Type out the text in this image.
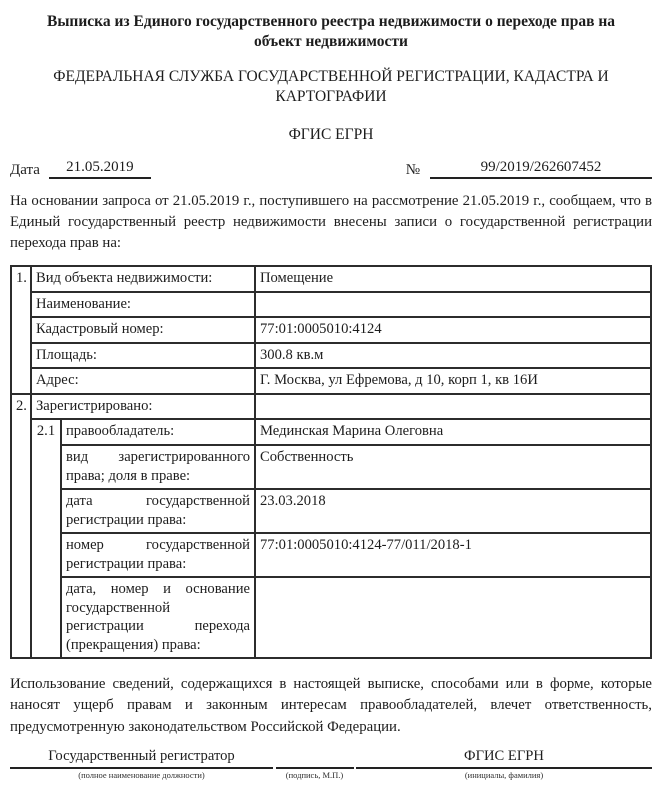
Выписка из Единого государственного реестра недвижимости о переходе прав на объект недвижимости
ФЕДЕРАЛЬНАЯ СЛУЖБА ГОСУДАРСТВЕННОЙ РЕГИСТРАЦИИ, КАДАСТРА И КАРТОГРАФИИ
ФГИС ЕГРН
Дата	21.05.2019	№	99/2019/262607452
На основании запроса от 21.05.2019 г., поступившего на рассмотрение 21.05.2019 г., сообщаем, что в Единый государственный реестр недвижимости внесены записи о государственной регистрации перехода прав на:
1.	Вид объекта недвижимости:		Помещение
	Наименование:		
	Кадастровый номер:		77:01:0005010:4124
	Площадь:		300.8 кв.м
	Адрес:		Г. Москва, ул Ефремова, д 10, корп 1, кв 16И
2.	Зарегистрировано:		
	2.1	правообладатель:	Мединская Марина Олеговна
		вид зарегистрированного права; доля в праве:	Собственность
		дата государственной регистрации права:	23.03.2018
		номер государственной регистрации права:	77:01:0005010:4124-77/011/2018-1
		дата, номер и основание государственной регистрации перехода (прекращения) права:	
Использование сведений, содержащихся в настоящей выписке, способами или в форме, которые наносят ущерб правам и законным интересам правообладателей, влечет ответственность, предусмотренную законодательством Российской Федерации.
Государственный регистратор
(полное наименование должности)	(подпись, М.П.)
ФГИС ЕГРН
(инициалы, фамилия)
